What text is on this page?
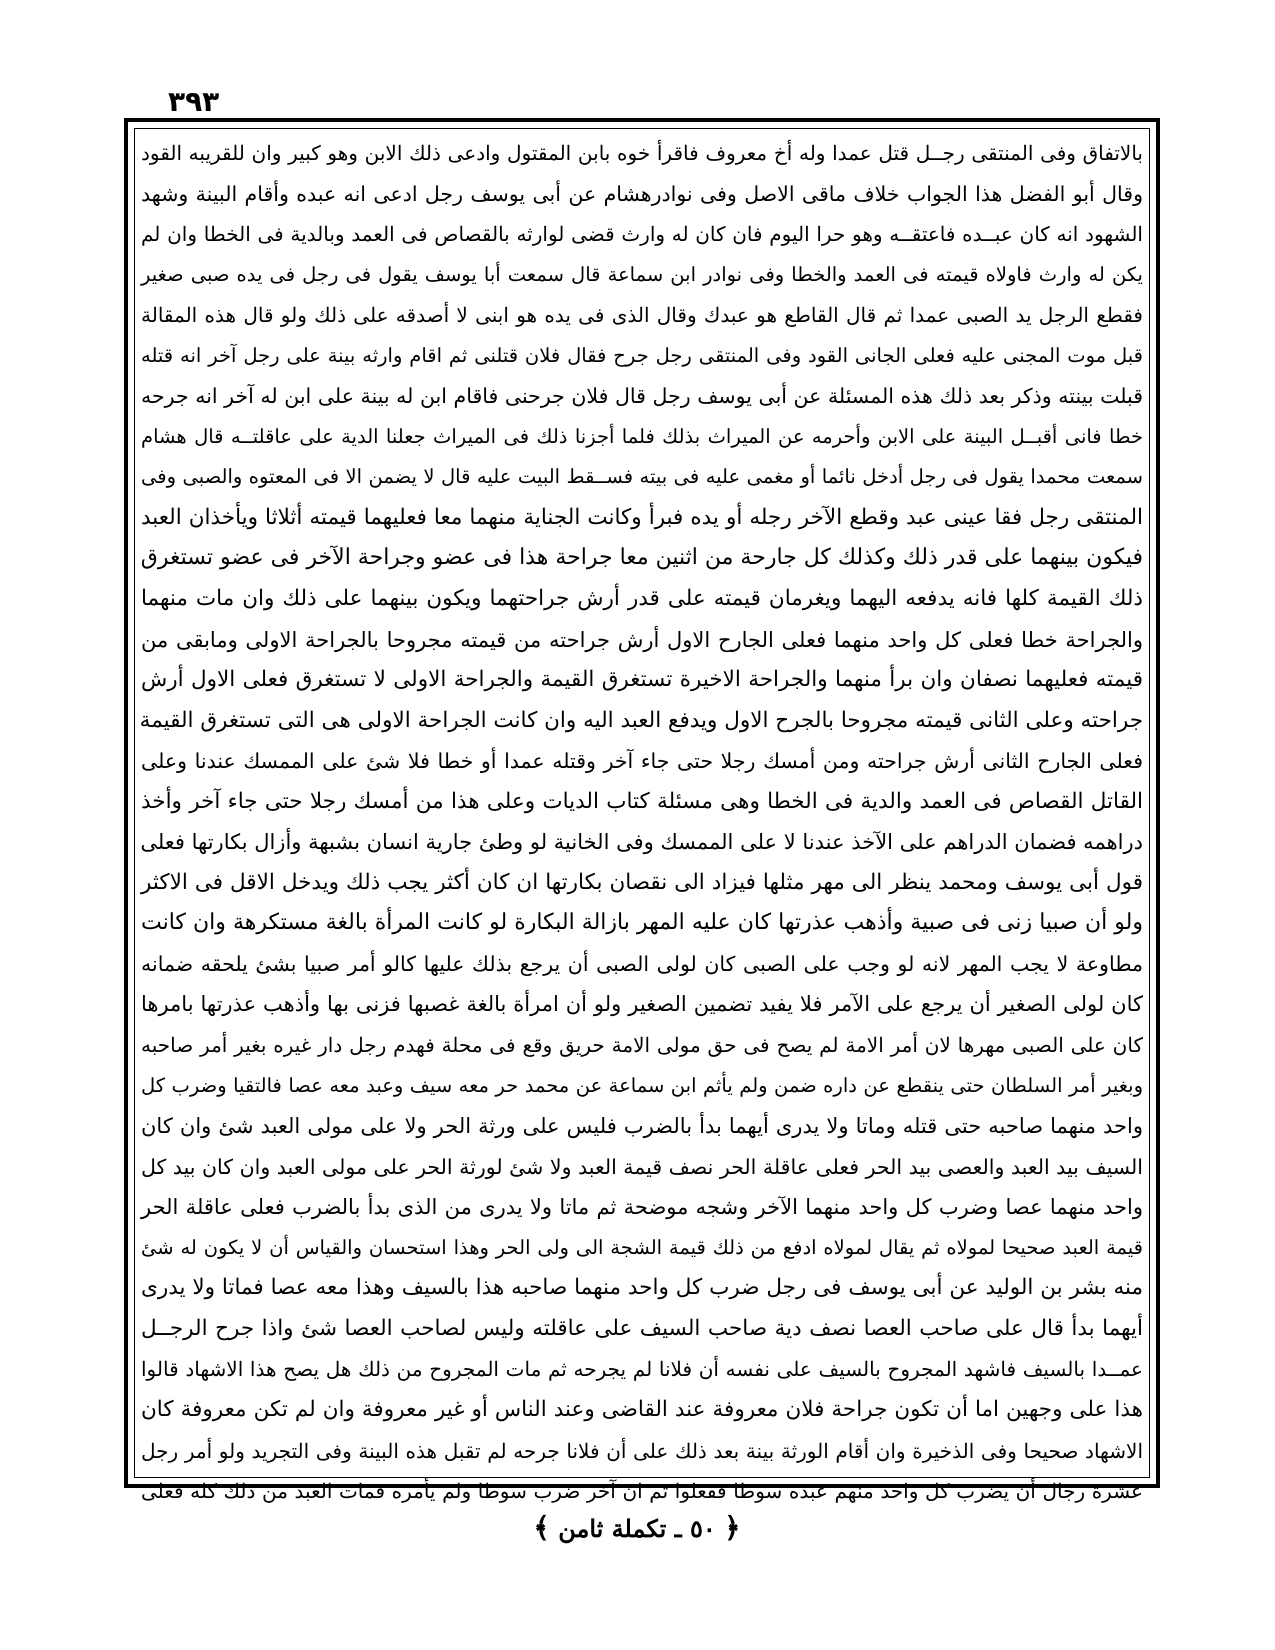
٣٩٣
بالاتفاق وفى المنتقى رجــل قتل عمدا وله أخ معروف فاقرأ خوه بابن المقتول وادعى ذلك الابن وهو كبير وان للقريبه القود
وقال أبو الفضل هذا الجواب خلاف ماقى الاصل وفى نوادرهشام عن أبى يوسف رجل ادعى انه عبده وأقام البينة وشهد
الشهود انه كان عبــده فاعتقــه وهو حرا اليوم فان كان له وارث قضى لوارثه بالقصاص فى العمد وبالدية فى الخطا وان لم
يكن له وارث فاولاه قيمته فى العمد والخطا وفى نوادر ابن سماعة قال سمعت أبا يوسف يقول فى رجل فى يده صبى صغير
فقطع الرجل يد الصبى عمدا ثم قال القاطع هو عبدك وقال الذى فى يده هو ابنى لا أصدقه على ذلك ولو قال هذه المقالة
قبل موت المجنى عليه فعلى الجانى القود وفى المنتقى رجل جرح فقال فلان قتلنى ثم اقام وارثه بينة على رجل آخر انه قتله
قبلت بينته وذكر بعد ذلك هذه المسئلة عن أبى يوسف رجل قال فلان جرحنى فاقام ابن له بينة على ابن له آخر انه جرحه
خطا فانى أقبــل البينة على الابن وأحرمه عن الميراث بذلك فلما أجزنا ذلك فى الميراث جعلنا الدية على عاقلتــه قال هشام
سمعت محمدا يقول فى رجل أدخل نائما أو مغمى عليه فى بيته فســقط البيت عليه قال لا يضمن الا فى المعتوه والصبى وفى
المنتقى رجل فقا عينى عبد وقطع الآخر رجله أو يده فبرأ وكانت الجناية منهما معا فعليهما قيمته أثلاثا ويأخذان العبد
فيكون بينهما على قدر ذلك وكذلك كل جارحة من اثنين معا جراحة هذا فى عضو وجراحة الآخر فى عضو تستغرق
ذلك القيمة كلها فانه يدفعه اليهما ويغرمان قيمته على قدر أرش جراحتهما ويكون بينهما على ذلك وان مات منهما
والجراحة خطا فعلى كل واحد منهما فعلى الجارح الاول أرش جراحته من قيمته مجروحا بالجراحة الاولى ومابقى من
قيمته فعليهما نصفان وان برأ منهما والجراحة الاخيرة تستغرق القيمة والجراحة الاولى لا تستغرق فعلى الاول أرش
جراحته وعلى الثانى قيمته مجروحا بالجرح الاول ويدفع العبد اليه وان كانت الجراحة الاولى هى التى تستغرق القيمة
فعلى الجارح الثانى أرش جراحته ومن أمسك رجلا حتى جاء آخر وقتله عمدا أو خطا فلا شئ على الممسك عندنا وعلى
القاتل القصاص فى العمد والدية فى الخطا وهى مسئلة كتاب الديات وعلى هذا من أمسك رجلا حتى جاء آخر وأخذ
دراهمه فضمان الدراهم على الآخذ عندنا لا على الممسك وفى الخانية لو وطئ جارية انسان بشبهة وأزال بكارتها فعلى
قول أبى يوسف ومحمد ينظر الى مهر مثلها فيزاد الى نقصان بكارتها ان كان أكثر يجب ذلك ويدخل الاقل فى الاكثر
ولو أن صبيا زنى فى صبية وأذهب عذرتها كان عليه المهر بازالة البكارة لو كانت المرأة بالغة مستكرهة وان كانت
مطاوعة لا يجب المهر لانه لو وجب على الصبى كان لولى الصبى أن يرجع بذلك عليها كالو أمر صبيا بشئ يلحقه ضمانه
كان لولى الصغير أن يرجع على الآمر فلا يفيد تضمين الصغير ولو أن امرأة بالغة غصبها فزنى بها وأذهب عذرتها بامرها
كان على الصبى مهرها لان أمر الامة لم يصح فى حق مولى الامة حريق وقع فى محلة فهدم رجل دار غيره بغير أمر صاحبه
وبغير أمر السلطان حتى ينقطع عن داره ضمن ولم يأثم ابن سماعة عن محمد حر معه سيف وعبد معه عصا فالتقيا وضرب كل
واحد منهما صاحبه حتى قتله وماتا ولا يدرى أيهما بدأ بالضرب فليس على ورثة الحر ولا على مولى العبد شئ وان كان
السيف بيد العبد والعصى بيد الحر فعلى عاقلة الحر نصف قيمة العبد ولا شئ لورثة الحر على مولى العبد وان كان بيد كل
واحد منهما عصا وضرب كل واحد منهما الآخر وشجه موضحة ثم ماتا ولا يدرى من الذى بدأ بالضرب فعلى عاقلة الحر
قيمة العبد صحيحا لمولاه ثم يقال لمولاه ادفع من ذلك قيمة الشجة الى ولى الحر وهذا استحسان والقياس أن لا يكون له شئ
منه بشر بن الوليد عن أبى يوسف فى رجل ضرب كل واحد منهما صاحبه هذا بالسيف وهذا معه عصا فماتا ولا يدرى
أيهما بدأ قال على صاحب العصا نصف دية صاحب السيف على عاقلته وليس لصاحب العصا شئ واذا جرح الرجــل
عمــدا بالسيف فاشهد المجروح بالسيف على نفسه أن فلانا لم يجرحه ثم مات المجروح من ذلك هل يصح هذا الاشهاد قالوا
هذا على وجهين اما أن تكون جراحة فلان معروفة عند القاضى وعند الناس أو غير معروفة وان لم تكن معروفة كان
الاشهاد صحيحا وفى الذخيرة وان أقام الورثة بينة بعد ذلك على أن فلانا جرحه لم تقبل هذه البينة وفى التجريد ولو أمر رجل
عشرة رجال أن يضرب كل واحد منهم عبده سوطا ففعلوا ثم ان آخر ضرب سوطا ولم يأمره فمات العبد من ذلك كله فعلى
﴿ ٥٠ ـ تكملة ثامن ﴾
